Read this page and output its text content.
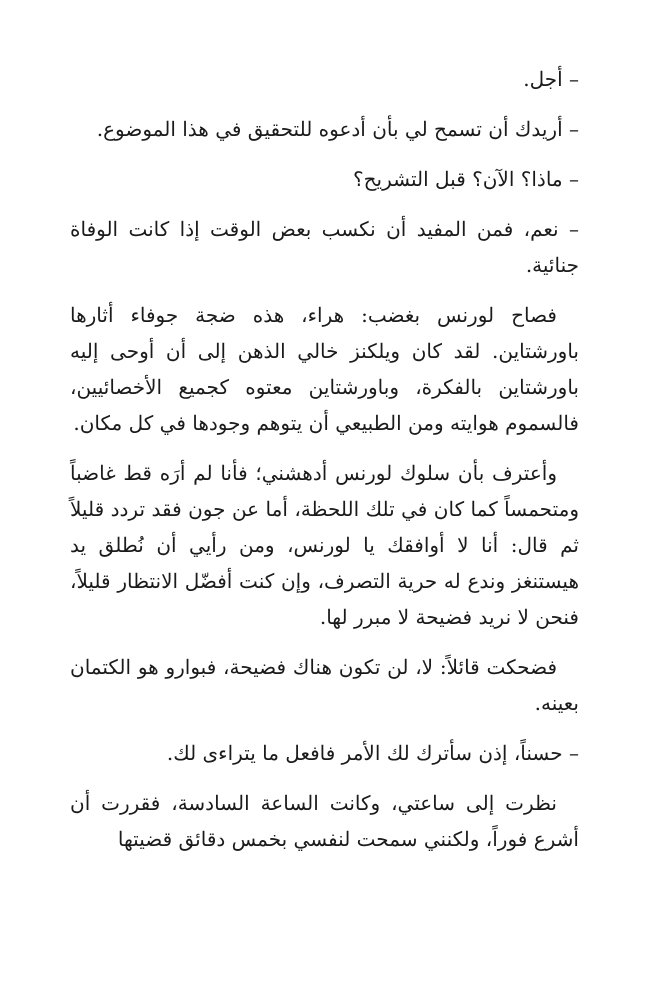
– أجل.

– أريدك أن تسمح لي بأن أدعوه للتحقيق في هذا الموضوع.

– ماذا؟ الآن؟ قبل التشريح؟

– نعم، فمن المفيد أن نكسب بعض الوقت إذا كانت الوفاة جنائية.

فصاح لورنس بغضب: هراء، هذه ضجة جوفاء أثارها باورشتاين. لقد كان ويلكنز خالي الذهن إلى أن أوحى إليه باورشتاين بالفكرة، وباورشتاين معتوه كجميع الأخصائيين، فالسموم هوايته ومن الطبيعي أن يتوهم وجودها في كل مكان.

وأعترف بأن سلوك لورنس أدهشني؛ فأنا لم أرَه قط غاضباً ومتحمساً كما كان في تلك اللحظة، أما عن جون فقد تردد قليلاً ثم قال: أنا لا أوافقك يا لورنس، ومن رأيي أن نُطلق يد هيستنغز وندع له حرية التصرف، وإن كنت أفضّل الانتظار قليلاً، فنحن لا نريد فضيحة لا مبرر لها.

فضحكت قائلاً: لا، لن تكون هناك فضيحة، فبوارو هو الكتمان بعينه.

– حسناً، إذن سأترك لك الأمر فافعل ما يتراءى لك.

نظرت إلى ساعتي، وكانت الساعة السادسة، فقررت أن أشرع فوراً، ولكنني سمحت لنفسي بخمس دقائق قضيتها
